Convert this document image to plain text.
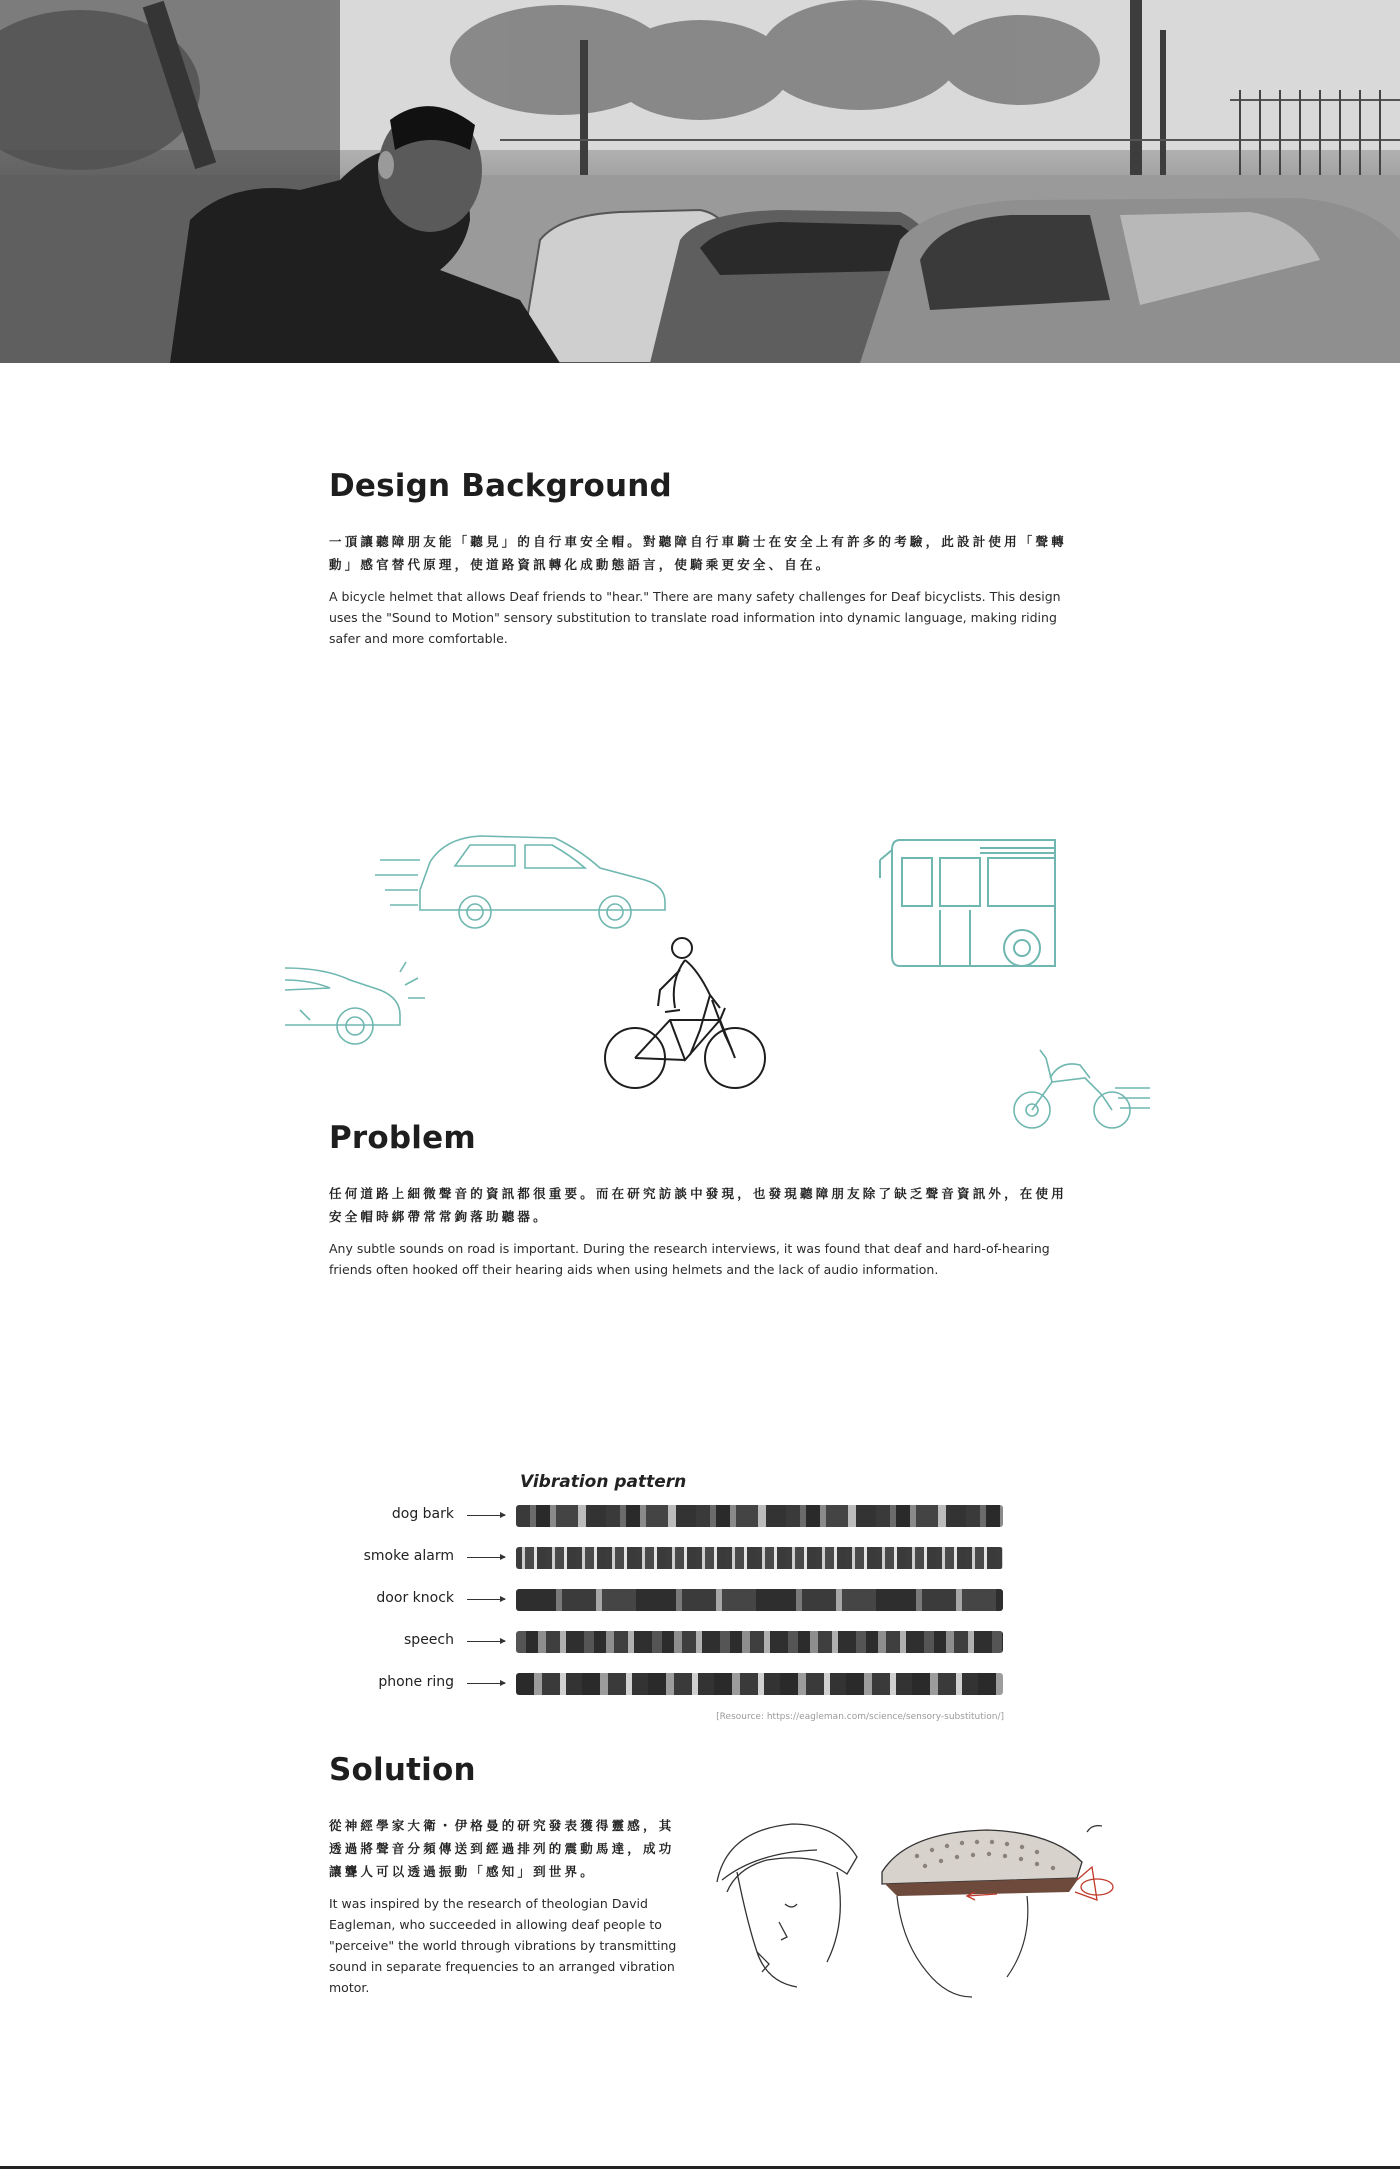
Design Background

一頂讓聽障朋友能「聽見」的自行車安全帽。對聽障自行車騎士在安全上有許多的考驗，此設計使用「聲轉動」感官替代原理，使道路資訊轉化成動態語言，使騎乘更安全、自在。

A bicycle helmet that allows Deaf friends to "hear." There are many safety challenges for Deaf bicyclists. This design uses the "Sound to Motion" sensory substitution to translate road information into dynamic language, making riding safer and more comfortable.

Problem

任何道路上細微聲音的資訊都很重要。而在研究訪談中發現，也發現聽障朋友除了缺乏聲音資訊外，在使用安全帽時綁帶常常鉤落助聽器。

Any subtle sounds on road is important. During the research interviews, it was found that deaf and hard-of-hearing friends often hooked off their hearing aids when using helmets and the lack of audio information.

Vibration pattern
dog bark
smoke alarm
door knock
speech
phone ring
[Resource: https://eagleman.com/science/sensory-substitution/]
Solution

從神經學家大衛・伊格曼的研究發表獲得靈感，其透過將聲音分頻傳送到經過排列的震動馬達，成功讓聾人可以透過振動「感知」到世界。

It was inspired by the research of theologian David Eagleman, who succeeded in allowing deaf people to "perceive" the world through vibrations by transmitting sound in separate frequencies to an arranged vibration motor.
